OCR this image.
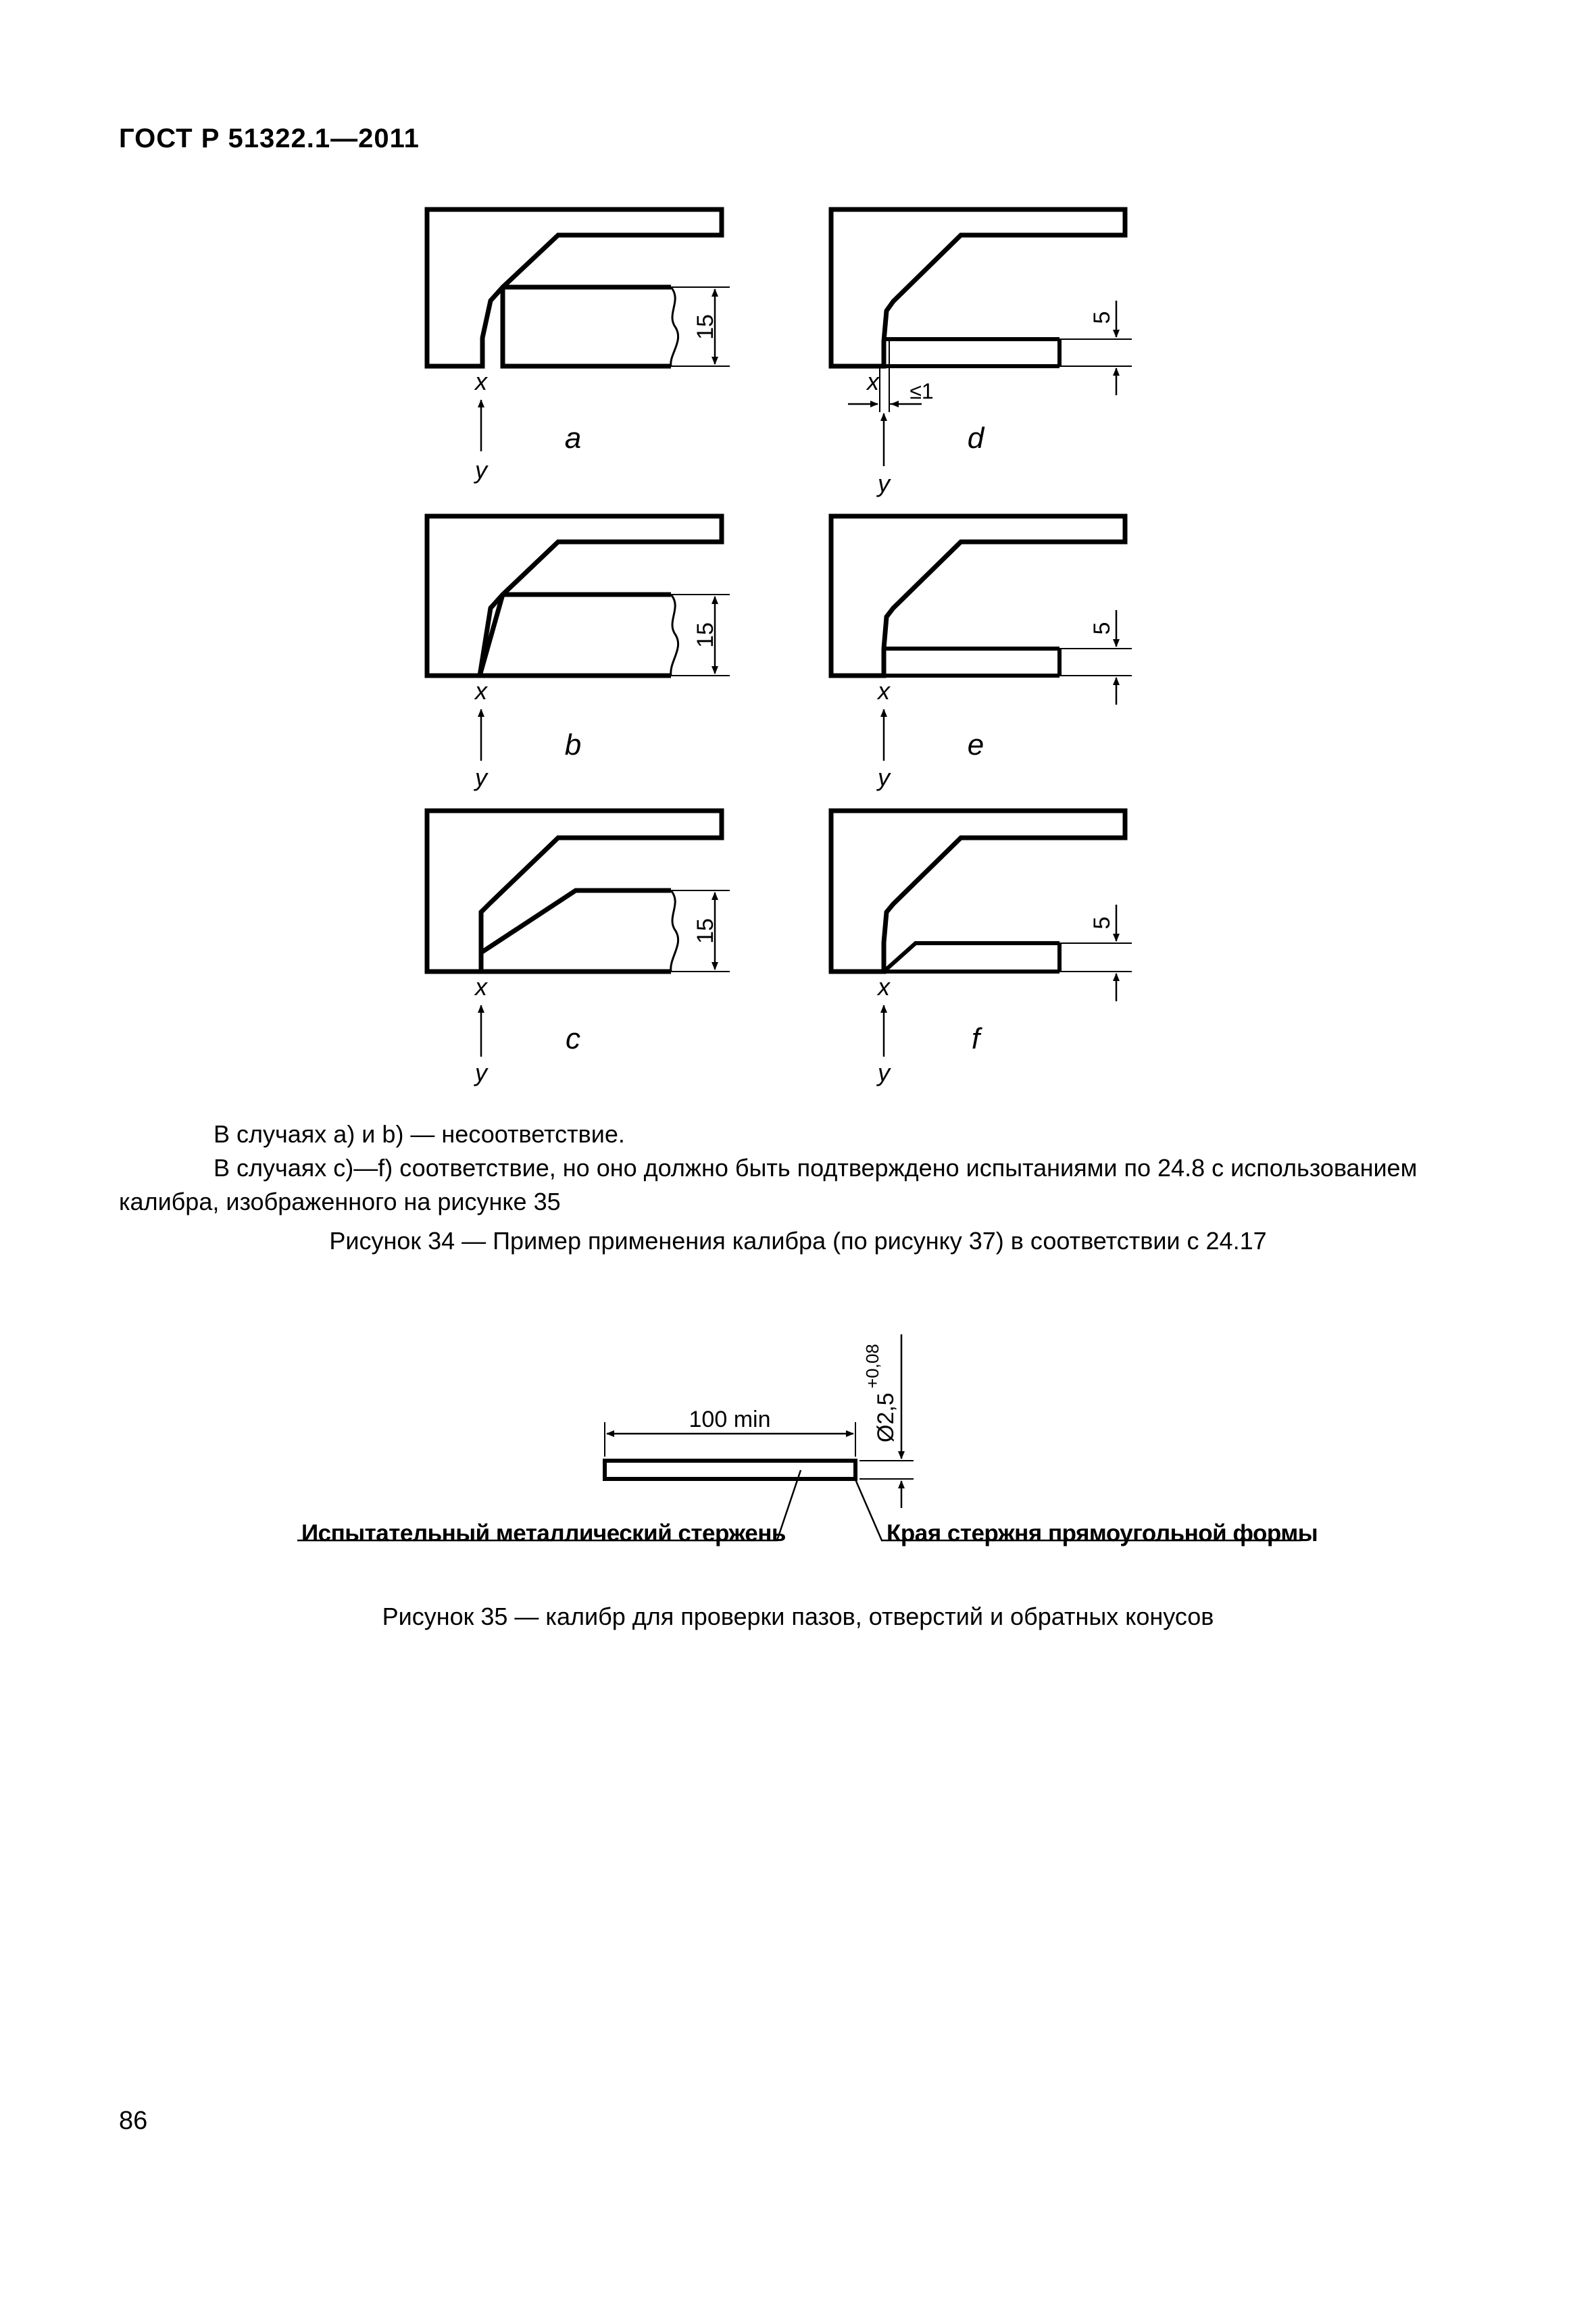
ГОСТ Р 51322.1—2011
15
x
y
a
15
x
y
b
15
x
y
c
5
≤1
x
y
d
5
x
y
e
5
x
y
f
100 min	Ø2,5
+0,08
В случаях а) и b) — несоответствие.
В случаях с)—f) соответствие, но оно должно быть подтверждено испытаниями по 24.8 с использованием
калибра, изображенного на рисунке 35
Рисунок 34 — Пример применения калибра (по рисунку 37) в соответствии с 24.17
Испытательный металлический стержень	Края стержня прямоугольной формы
Рисунок 35 — калибр для проверки пазов, отверстий и обратных конусов
86
